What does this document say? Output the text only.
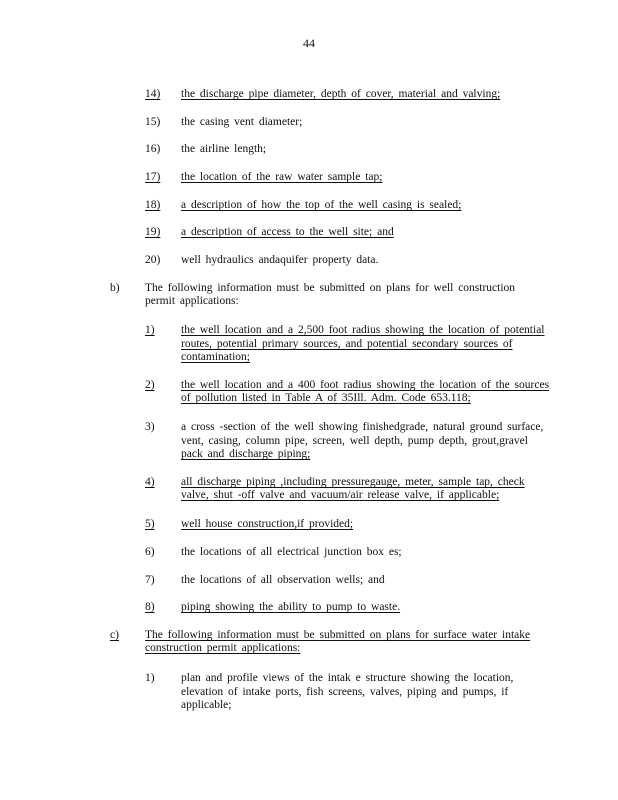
44
14) the discharge pipe diameter, depth of cover, material and valving;
15) the casing vent diameter;
16) the airline length;
17) the location of the raw water sample tap;
18) a description of how the top of the well casing is sealed;
19) a description of access to the well site; and
20) well hydraulics andaquifer property data.
b) The following information must be submitted on plans for well construction
permit applications:
1) the well location and a 2,500 foot radius showing the location of potential
routes, potential primary sources, and potential secondary sources of
contamination;
2) the well location and a 400 foot radius showing the location of the sources
of pollution listed in Table A of 35Ill. Adm. Code 653.118;
3) a cross -section of the well showing finishedgrade, natural ground surface,
vent, casing, column pipe, screen, well depth, pump depth, grout,gravel
pack and discharge piping;
4) all discharge piping ,including pressuregauge, meter, sample tap, check
valve, shut -off valve and vacuum/air release valve, if applicable;
5) well house construction,if provided;
6) the locations of all electrical junction box es;
7) the locations of all observation wells; and
8) piping showing the ability to pump to waste.
c) The following information must be submitted on plans for surface water intake
construction permit applications:
1) plan and profile views of the intak e structure showing the location,
elevation of intake ports, fish screens, valves, piping and pumps, if
applicable;
